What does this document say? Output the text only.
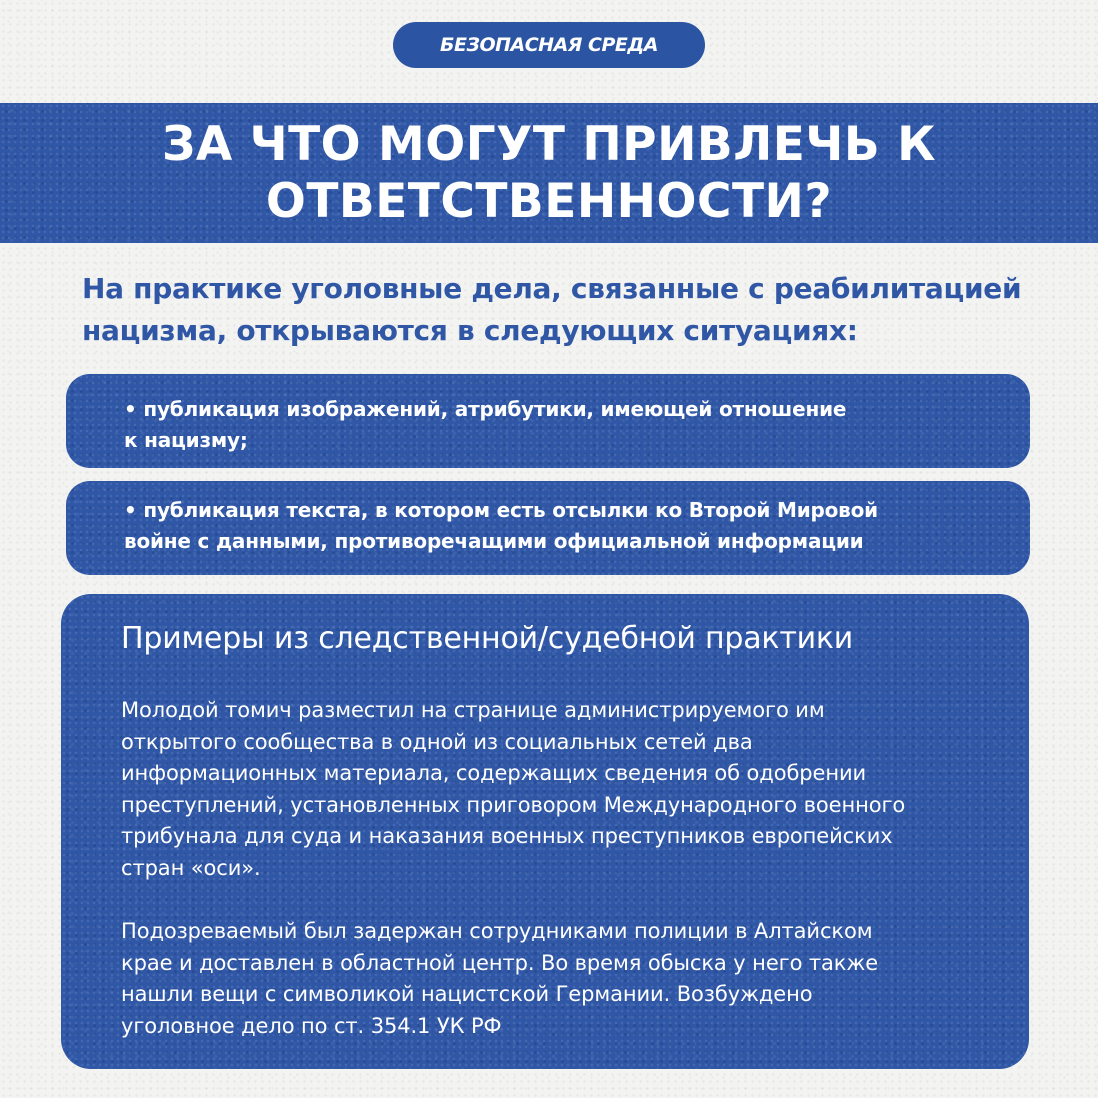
БЕЗОПАСНАЯ СРЕДА
ЗА ЧТО МОГУТ ПРИВЛЕЧЬ К
ОТВЕТСТВЕННОСТИ?

На практике уголовные дела, связанные с реабилитацией
нацизма, открываются в следующих ситуациях:

• публикация изображений, атрибутики, имеющей отношение
к нацизму;

• публикация текста, в котором есть отсылки ко Второй Мировой
войне с данными, противоречащими официальной информации

Примеры из следственной/судебной практики

Молодой томич разместил на странице администрируемого им
открытого сообщества в одной из социальных сетей два
информационных материала, содержащих сведения об одобрении
преступлений, установленных приговором Международного военного
трибунала для суда и наказания военных преступников европейских
стран «оси».

Подозреваемый был задержан сотрудниками полиции в Алтайском
крае и доставлен в областной центр. Во время обыска у него также
нашли вещи с символикой нацистской Германии. Возбуждено
уголовное дело по ст. 354.1 УК РФ
